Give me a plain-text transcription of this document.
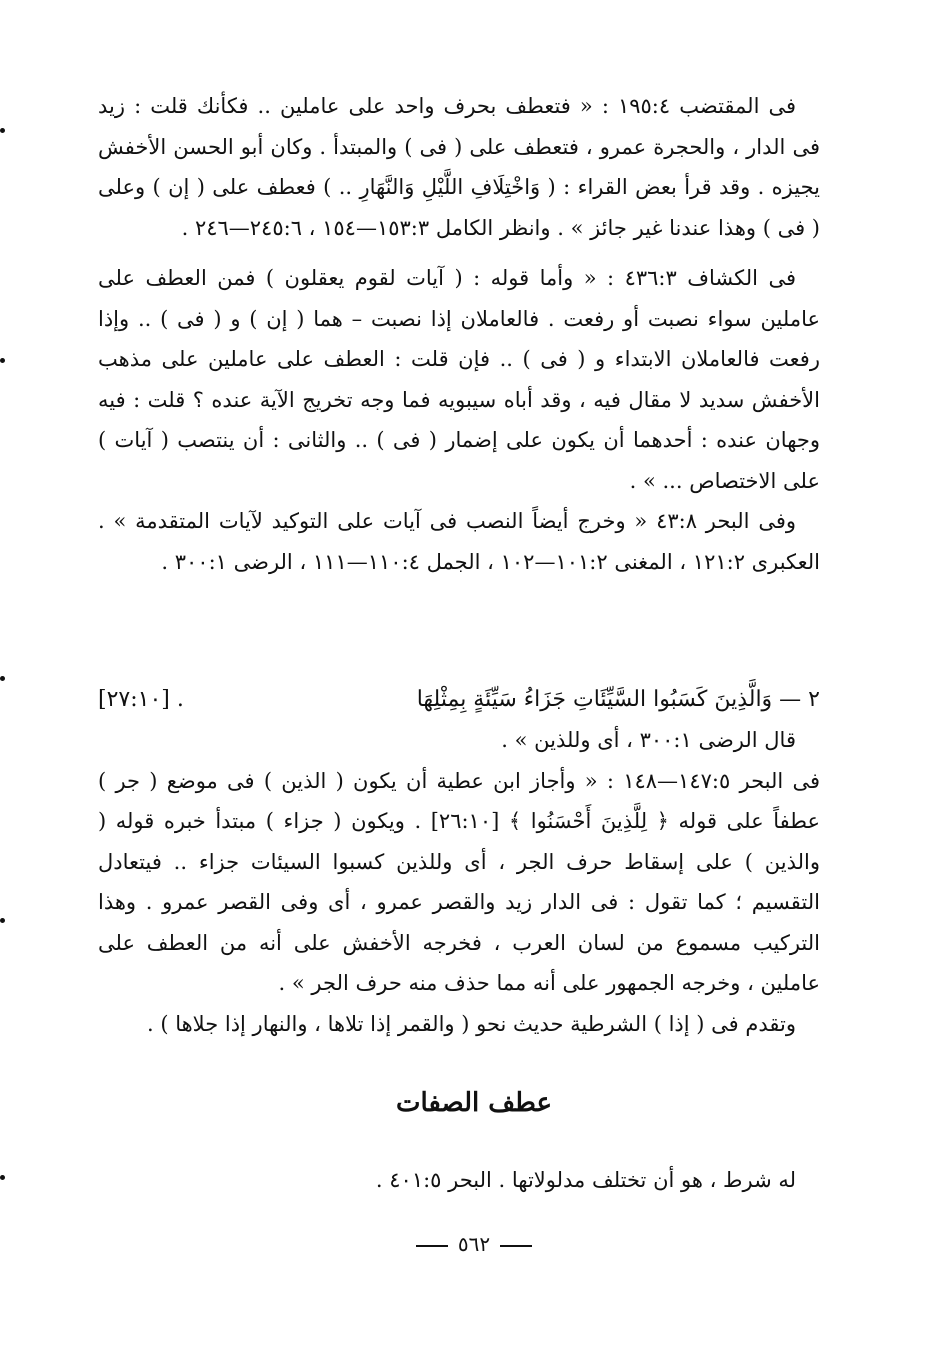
فى المقتضب ١٩٥:٤ : « فتعطف بحرف واحد على عاملين .. فكأنك قلت : زيد فى الدار ، والحجرة عمرو ، فتعطف على ( فى ) والمبتدأ . وكان أبو الحسن الأخفش يجيزه . وقد قرأ بعض القراء : ( وَاخْتِلَافِ اللَّيْلِ وَالنَّهَارِ .. ) فعطف على ( إن ) وعلى ( فى ) وهذا عندنا غير جائز » . وانظر الكامل ١٥٣:٣—١٥٤ ، ٢٤٥:٦—٢٤٦ .

فى الكشاف ٤٣٦:٣ : « وأما قوله : ( آيات لقوم يعقلون ) فمن العطف على عاملين سواء نصبت أو رفعت . فالعاملان إذا نصبت – هما ( إن ) و ( فى ) .. وإذا رفعت فالعاملان الابتداء و ( فى ) .. فإن قلت : العطف على عاملين على مذهب الأخفش سديد لا مقال فيه ، وقد أباه سيبويه فما وجه تخريج الآية عنده ؟ قلت : فيه وجهان عنده : أحدهما أن يكون على إضمار ( فى ) .. والثانى : أن ينتصب ( آيات ) على الاختصاص ... » .

وفى البحر ٤٣:٨ « وخرج أيضاً النصب فى آيات على التوكيد لآيات المتقدمة » . العكبرى ١٢١:٢ ، المغنى ١٠١:٢—١٠٢ ، الجمل ١١٠:٤—١١١ ، الرضى ٣٠٠:١ .

٢ — وَالَّذِينَ كَسَبُوا السَّيِّئَاتِ جَزَاءُ سَيِّئَةٍ بِمِثْلِهَا
[٢٧:١٠] .

قال الرضى ٣٠٠:١ ، أى وللذين » .

فى البحر ١٤٧:٥—١٤٨ : « وأجاز ابن عطية أن يكون ( الذين ) فى موضع ( جر ) عطفاً على قوله ﴿ لِلَّذِينَ أَحْسَنُوا ﴾ [٢٦:١٠] . ويكون ( جزاء ) مبتدأ خبره قوله ( والذين ) على إسقاط حرف الجر ، أى وللذين كسبوا السيئات جزاء .. فيتعادل التقسيم ؛ كما تقول : فى الدار زيد والقصر عمرو ، أى وفى القصر عمرو . وهذا التركيب مسموع من لسان العرب ، فخرجه الأخفش على أنه من العطف على عاملين ، وخرجه الجمهور على أنه مما حذف منه حرف الجر » .

وتقدم فى ( إذا ) الشرطية حديث نحو ( والقمر إذا تلاها ، والنهار إذا جلاها ) .

عطف الصفات
له شرط ، هو أن تختلف مدلولاتها . البحر ٤٠١:٥ .
٥٦٢
